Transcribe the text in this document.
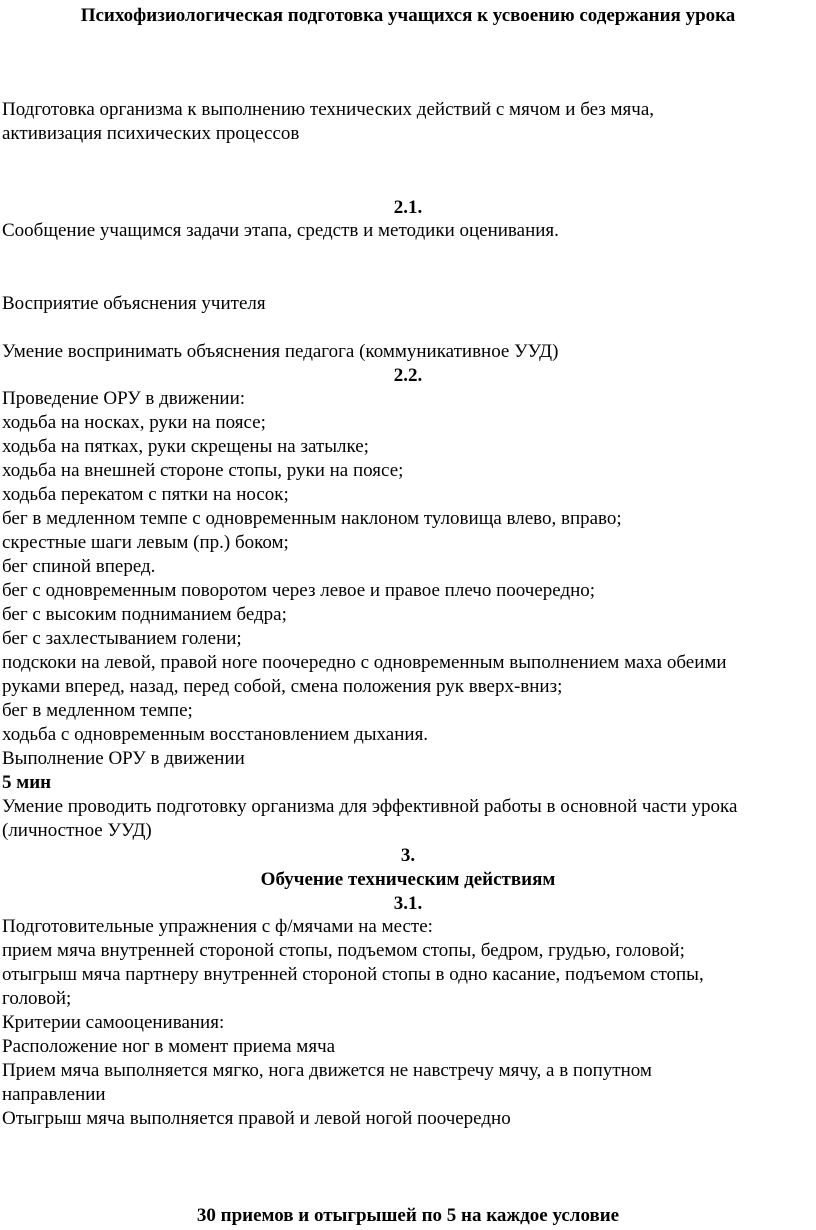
Психофизиологическая подготовка учащихся к усвоению содержания урока
Подготовка организма к выполнению технических действий с мячом и без мяча,
активизация психических процессов
2.1.
Сообщение учащимся задачи этапа, средств и методики оценивания.
Восприятие объяснения учителя
Умение воспринимать объяснения педагога (коммуникативное УУД)
2.2.
Проведение ОРУ в движении:
ходьба на носках, руки на поясе;
ходьба на пятках, руки скрещены на затылке;
ходьба на внешней стороне стопы, руки на поясе;
ходьба перекатом с пятки на носок;
бег в медленном темпе с одновременным наклоном туловища влево, вправо;
скрестные шаги левым (пр.) боком;
бег спиной вперед.
бег с одновременным поворотом через левое и правое плечо поочередно;
бег с высоким подниманием бедра;
бег с захлестыванием голени;
подскоки на левой, правой ноге поочередно с одновременным выполнением маха обеими
руками вперед, назад, перед собой, смена положения рук вверх-вниз;
бег в медленном темпе;
ходьба с одновременным восстановлением дыхания.
Выполнение ОРУ в движении
5 мин
Умение проводить подготовку организма для эффективной работы в основной части урока
(личностное УУД)
3.
Обучение техническим действиям
3.1.
Подготовительные упражнения с ф/мячами на месте:
прием мяча внутренней стороной стопы, подъемом стопы, бедром, грудью, головой;
отыгрыш мяча партнеру внутренней стороной стопы в одно касание, подъемом стопы,
головой;
Критерии самооценивания:
Расположение ног в момент приема мяча
Прием мяча выполняется мягко, нога движется не навстречу мячу, а в попутном
направлении
Отыгрыш мяча выполняется правой и левой ногой поочередно
30 приемов и отыгрышей по 5 на каждое условие
